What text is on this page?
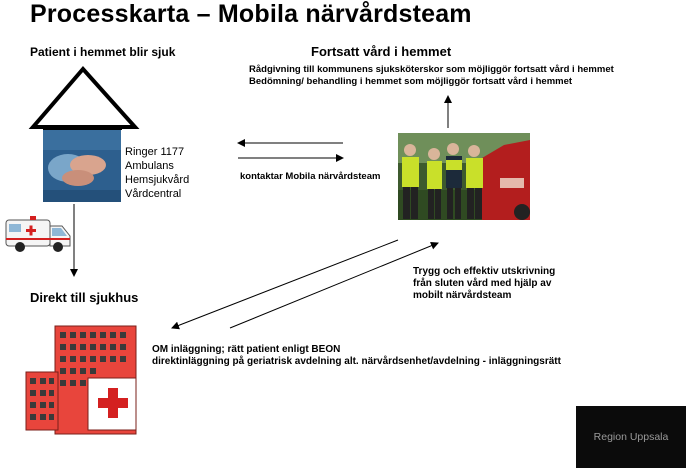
Processkarta – Mobila närvårdsteam
Patient i hemmet blir sjuk	Fortsatt vård i hemmet
Rådgivning till kommunens sjuksköterskor som möjliggör fortsatt vård i hemmet
Bedömning/ behandling i hemmet som möjliggör fortsatt vård i hemmet
Ringer 1177
Ambulans
Hemsjukvård
Vårdcentral
kontaktar Mobila närvårdsteam
Direkt till sjukhus
Trygg och effektiv utskrivning
från sluten vård med hjälp av
mobilt närvårdsteam
OM inläggning; rätt patient enligt BEON
direktinläggning på geriatrisk avdelning alt. närvårdsenhet/avdelning - inläggningsrätt
Region Uppsala
